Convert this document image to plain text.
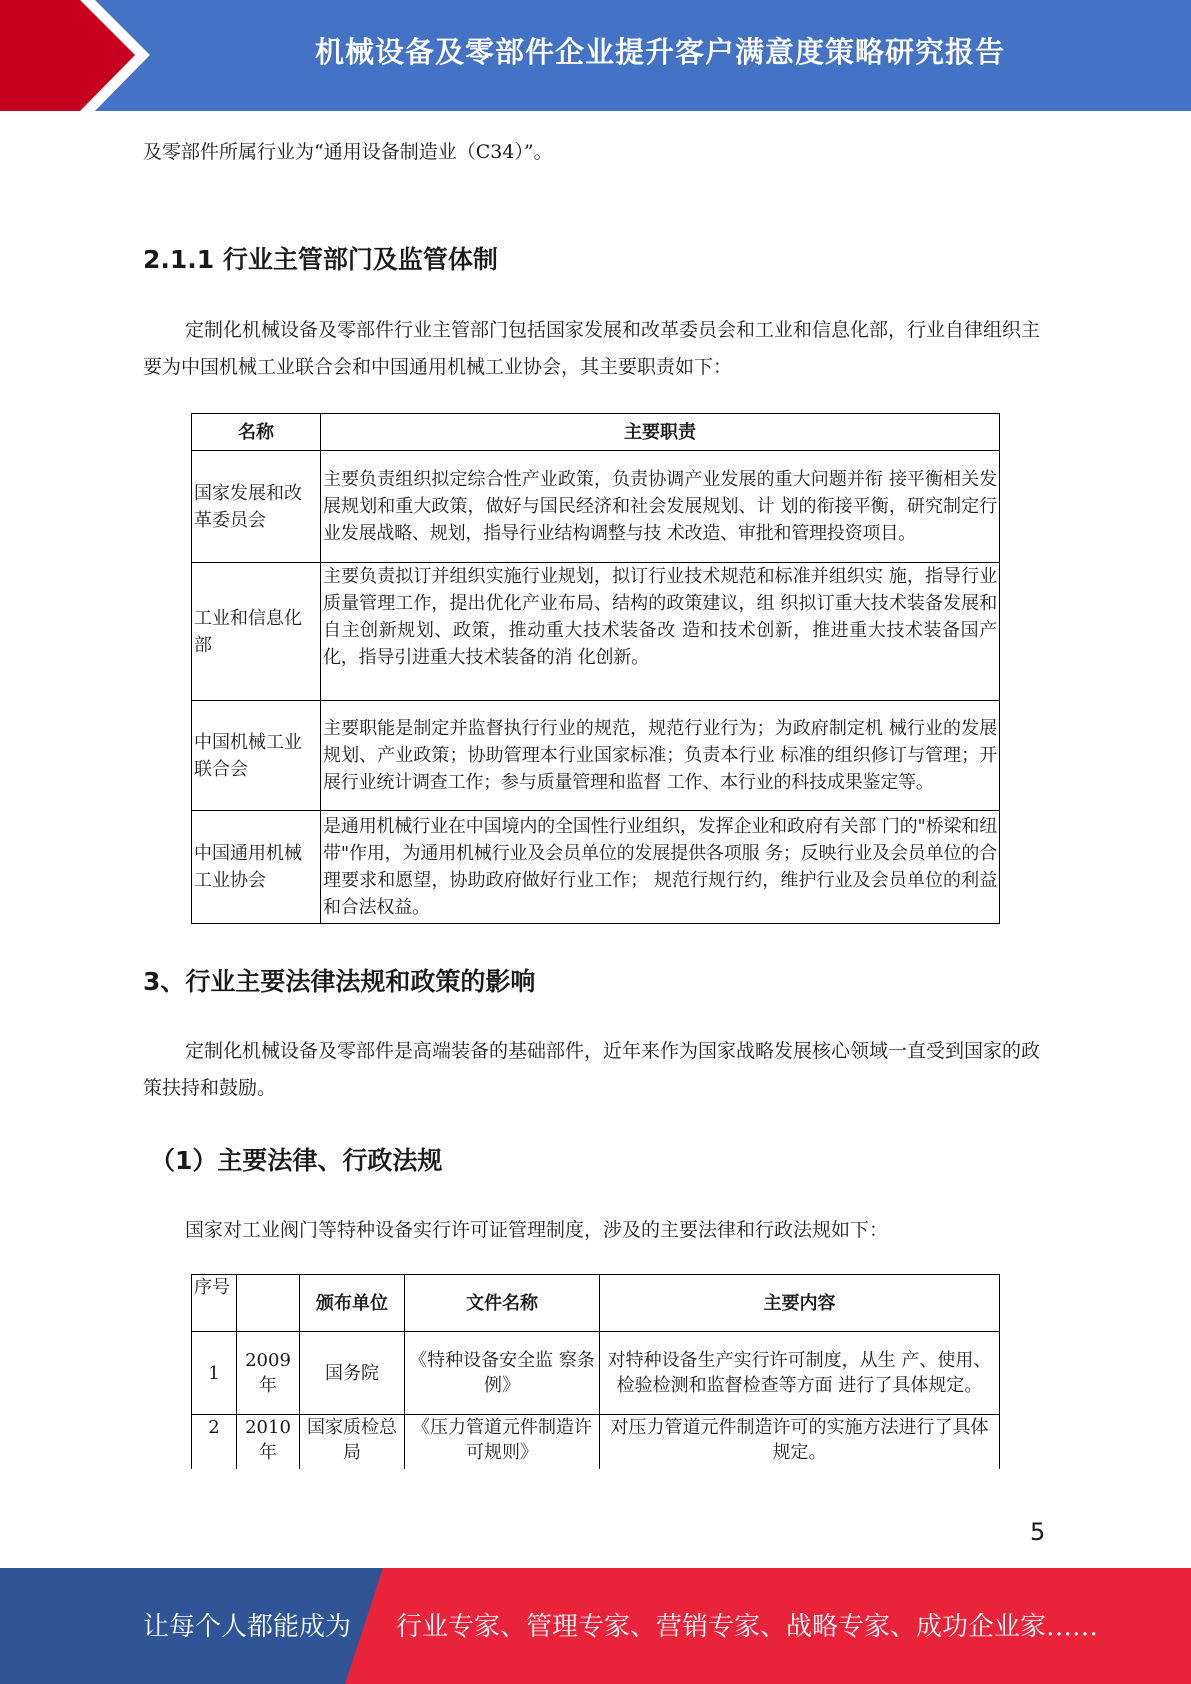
机械设备及零部件企业提升客户满意度策略研究报告
及零部件所属行业为“通用设备制造业（C34）”。
2.1.1 行业主管部门及监管体制
定制化机械设备及零部件行业主管部门包括国家发展和改革委员会和工业和信息化部，行业自律组织主要为中国机械工业联合会和中国通用机械工业协会，其主要职责如下：
名称	主要职责
国家发展和改革委员会	主要负责组织拟定综合性产业政策，负责协调产业发展的重大问题并衔 接平衡相关发展规划和重大政策，做好与国民经济和社会发展规划、计 划的衔接平衡，研究制定行业发展战略、规划，指导行业结构调整与技 术改造、审批和管理投资项目。
工业和信息化部	主要负责拟订并组织实施行业规划，拟订行业技术规范和标准并组织实 施，指导行业质量管理工作，提出优化产业布局、结构的政策建议，组 织拟订重大技术装备发展和自主创新规划、政策，推动重大技术装备改 造和技术创新，推进重大技术装备国产化，指导引进重大技术装备的消 化创新。
中国机械工业联合会	主要职能是制定并监督执行行业的规范，规范行业行为；为政府制定机 械行业的发展规划、产业政策；协助管理本行业国家标准；负责本行业 标准的组织修订与管理；开展行业统计调查工作；参与质量管理和监督 工作、本行业的科技成果鉴定等。
中国通用机械工业协会	是通用机械行业在中国境内的全国性行业组织，发挥企业和政府有关部 门的"桥梁和纽带"作用，为通用机械行业及会员单位的发展提供各项服 务；反映行业及会员单位的合理要求和愿望，协助政府做好行业工作； 规范行规行约，维护行业及会员单位的利益和合法权益。
3、行业主要法律法规和政策的影响
定制化机械设备及零部件是高端装备的基础部件，近年来作为国家战略发展核心领域一直受到国家的政策扶持和鼓励。
（1）主要法律、行政法规
国家对工业阀门等特种设备实行许可证管理制度，涉及的主要法律和行政法规如下：
序号		颁布单位	文件名称	主要内容
1	2009年	国务院	《特种设备安全监 察条例》	对特种设备生产实行许可制度，从生 产、使用、检验检测和监督检查等方面 进行了具体规定。
2	2010年	国家质检总局	《压力管道元件制造许可规则》	对压力管道元件制造许可的实施方法进行了具体规定。
5
让每个人都能成为 行业专家、管理专家、营销专家、战略专家、成功企业家……
